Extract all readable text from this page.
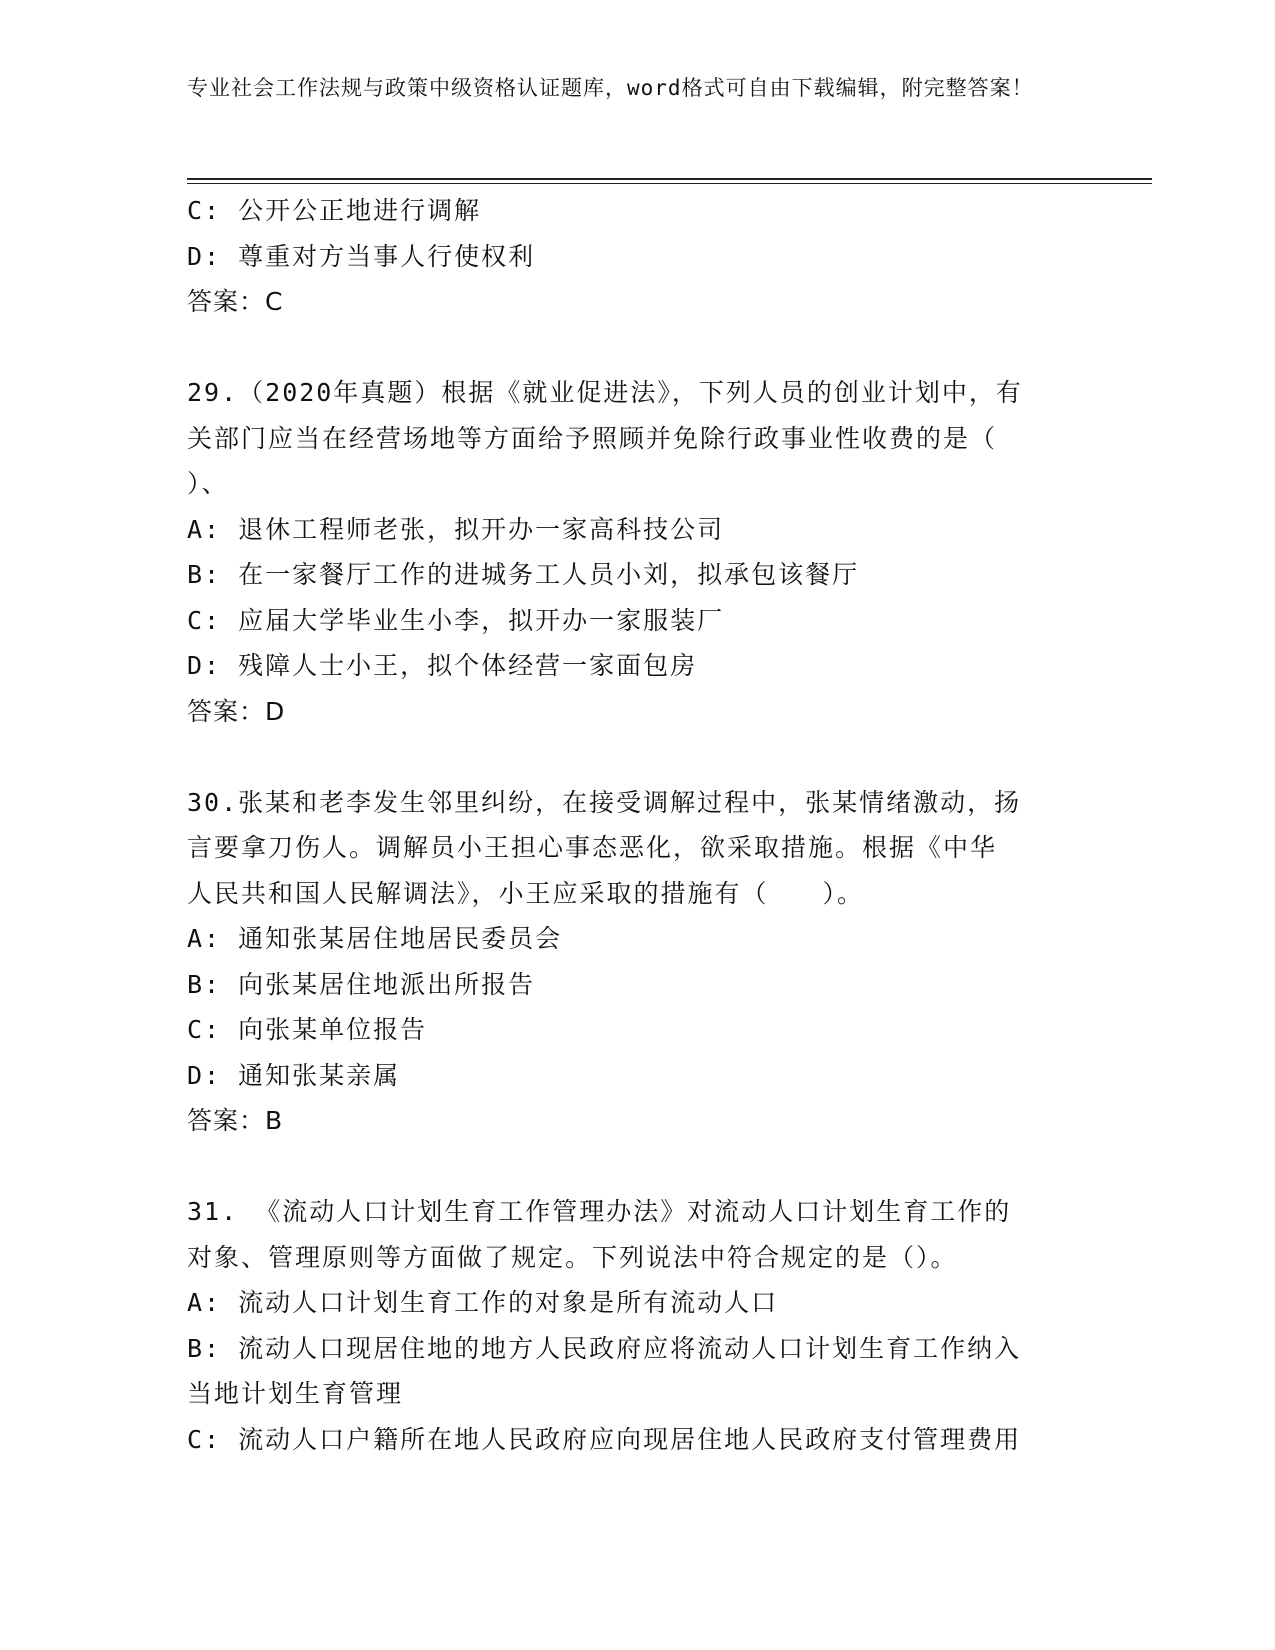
专业社会工作法规与政策中级资格认证题库，word格式可自由下载编辑，附完整答案！
C: 公开公正地进行调解
D: 尊重对方当事人行使权利
答案：C
29.（2020年真题）根据《就业促进法》，下列人员的创业计划中，有
关部门应当在经营场地等方面给予照顾并免除行政事业性收费的是（
）、
A: 退休工程师老张，拟开办一家高科技公司
B: 在一家餐厅工作的进城务工人员小刘，拟承包该餐厅
C: 应届大学毕业生小李，拟开办一家服装厂
D: 残障人士小王，拟个体经营一家面包房
答案：D
30.张某和老李发生邻里纠纷，在接受调解过程中，张某情绪激动，扬
言要拿刀伤人。调解员小王担心事态恶化，欲采取措施。根据《中华
人民共和国人民解调法》，小王应采取的措施有（　　）。
A: 通知张某居住地居民委员会
B: 向张某居住地派出所报告
C: 向张某单位报告
D: 通知张某亲属
答案：B
31. 《流动人口计划生育工作管理办法》对流动人口计划生育工作的
对象、管理原则等方面做了规定。下列说法中符合规定的是（）。
A: 流动人口计划生育工作的对象是所有流动人口
B: 流动人口现居住地的地方人民政府应将流动人口计划生育工作纳入
当地计划生育管理
C: 流动人口户籍所在地人民政府应向现居住地人民政府支付管理费用
